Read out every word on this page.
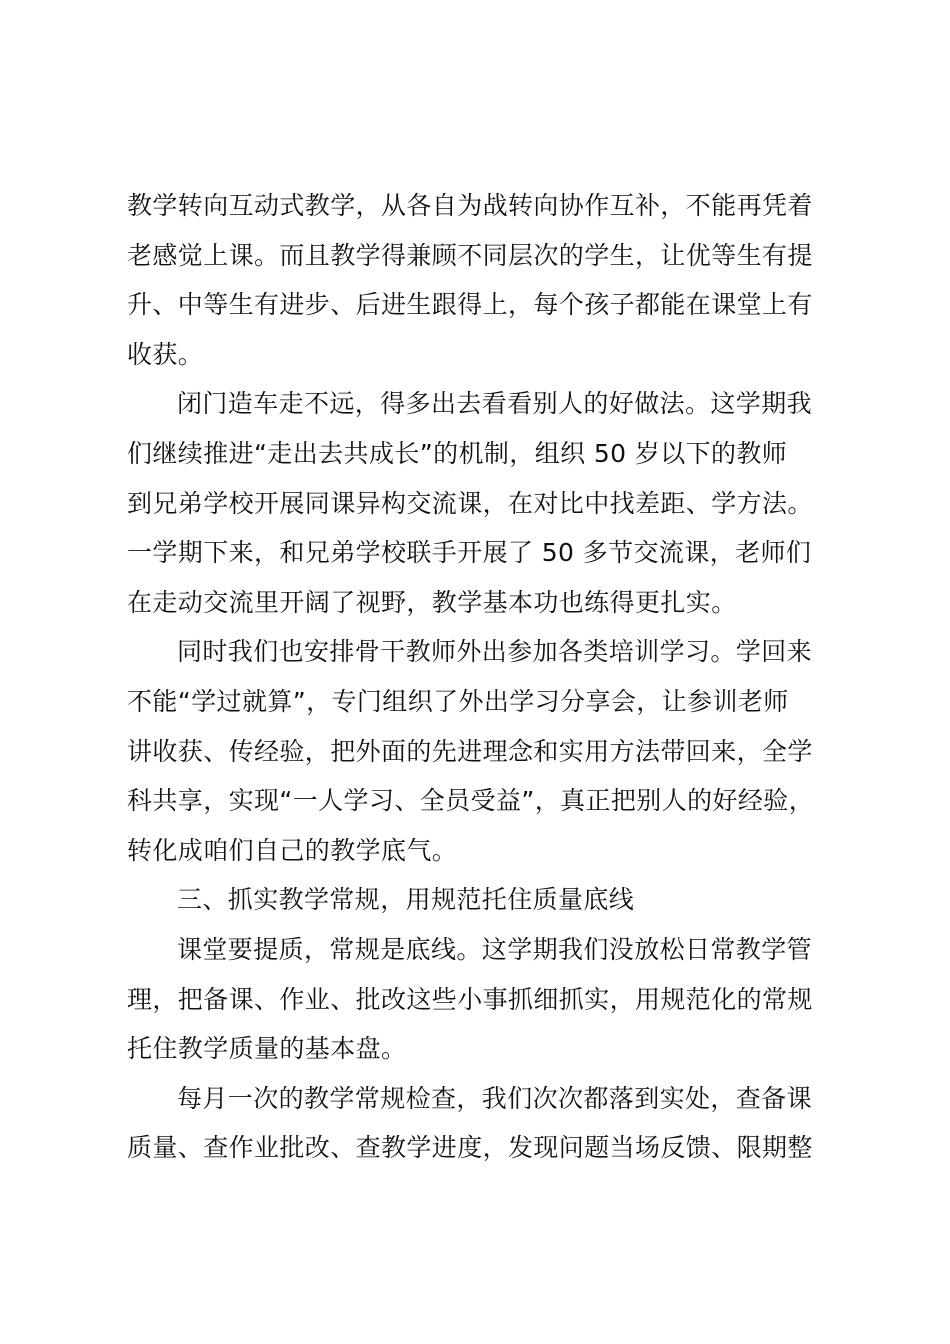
教学转向互动式教学，从各自为战转向协作互补，不能再凭着
老感觉上课。而且教学得兼顾不同层次的学生，让优等生有提
升、中等生有进步、后进生跟得上，每个孩子都能在课堂上有
收获。
闭门造车走不远，得多出去看看别人的好做法。这学期我
们继续推进“走出去共成长”的机制，组织 50 岁以下的教师
到兄弟学校开展同课异构交流课，在对比中找差距、学方法。
一学期下来，和兄弟学校联手开展了 50 多节交流课，老师们
在走动交流里开阔了视野，教学基本功也练得更扎实。
同时我们也安排骨干教师外出参加各类培训学习。学回来
不能“学过就算”，专门组织了外出学习分享会，让参训老师
讲收获、传经验，把外面的先进理念和实用方法带回来，全学
科共享，实现“一人学习、全员受益”，真正把别人的好经验，
转化成咱们自己的教学底气。
三、抓实教学常规，用规范托住质量底线
课堂要提质，常规是底线。这学期我们没放松日常教学管
理，把备课、作业、批改这些小事抓细抓实，用规范化的常规
托住教学质量的基本盘。
每月一次的教学常规检查，我们次次都落到实处，查备课
质量、查作业批改、查教学进度，发现问题当场反馈、限期整
